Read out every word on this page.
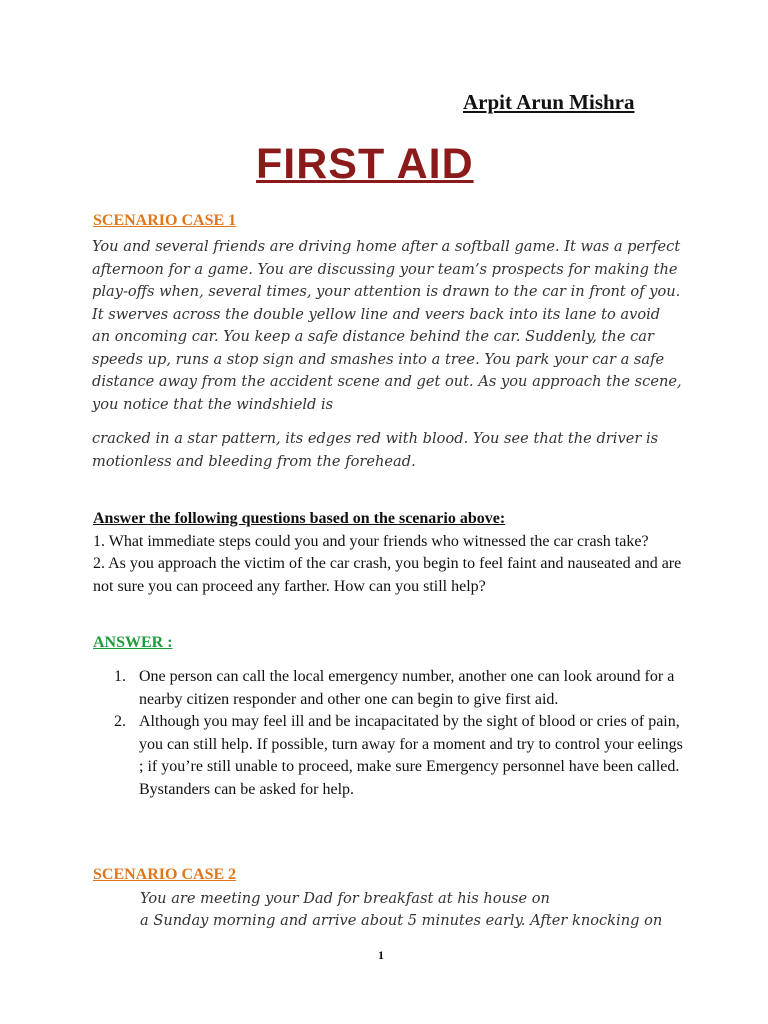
Arpit Arun Mishra
FIRST AID
SCENARIO CASE 1
You and several friends are driving home after a softball game. It was a perfect afternoon for a game. You are discussing your team’s prospects for making the play-offs when, several times, your attention is drawn to the car in front of you. It swerves across the double yellow line and veers back into its lane to avoid an oncoming car. You keep a safe distance behind the car. Suddenly, the car speeds up, runs a stop sign and smashes into a tree. You park your car a safe distance away from the accident scene and get out. As you approach the scene, you notice that the windshield is
cracked in a star pattern, its edges red with blood. You see that the driver is motionless and bleeding from the forehead.
Answer the following questions based on the scenario above:
1. What immediate steps could you and your friends who witnessed the car crash take?
2. As you approach the victim of the car crash, you begin to feel faint and nauseated and are not sure you can proceed any farther. How can you still help?
ANSWER :
1. One person can call the local emergency number, another one can look around for a nearby citizen responder and other one can begin to give first aid.
2. Although you may feel ill and be incapacitated by the sight of blood or cries of pain, you can still help. If possible, turn away for a moment and try to control your eelings ; if you’re still unable to proceed, make sure Emergency personnel have been called. Bystanders can be asked for help.
SCENARIO CASE 2
You are meeting your Dad for breakfast at his house on
a Sunday morning and arrive about 5 minutes early. After knocking on
1
